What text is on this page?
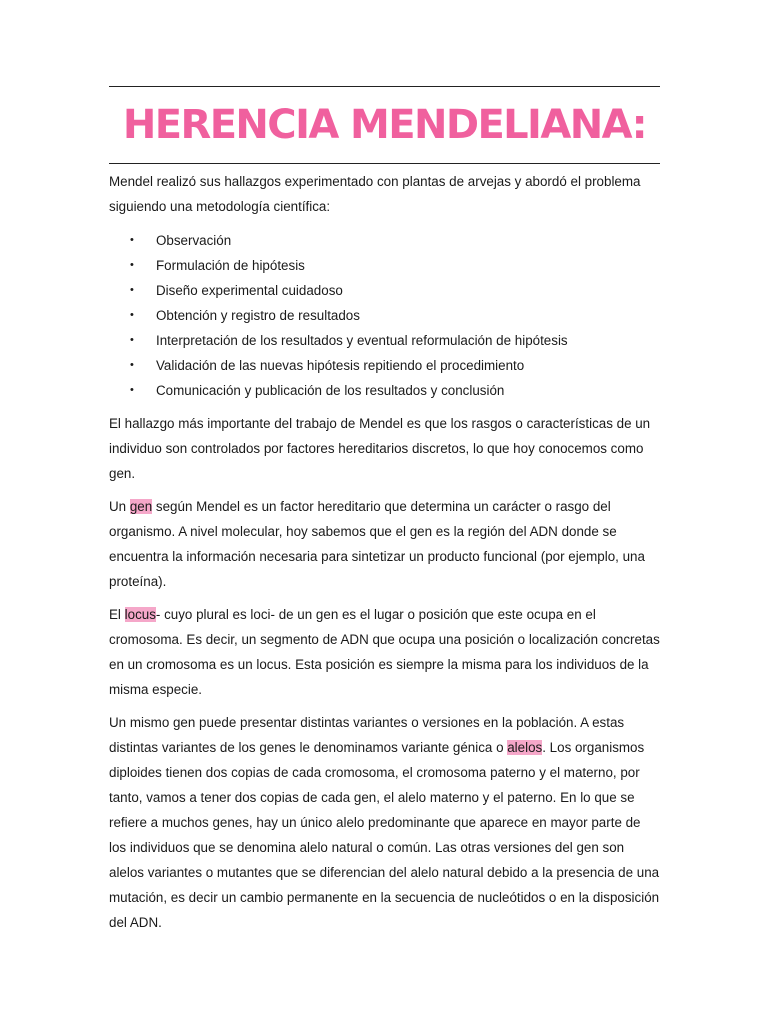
HERENCIA MENDELIANA:

Mendel realizó sus hallazgos experimentado con plantas de arvejas y abordó el problema siguiendo una metodología científica:

• Observación
• Formulación de hipótesis
• Diseño experimental cuidadoso
• Obtención y registro de resultados
• Interpretación de los resultados y eventual reformulación de hipótesis
• Validación de las nuevas hipótesis repitiendo el procedimiento
• Comunicación y publicación de los resultados y conclusión

El hallazgo más importante del trabajo de Mendel es que los rasgos o características de un individuo son controlados por factores hereditarios discretos, lo que hoy conocemos como gen.

Un gen según Mendel es un factor hereditario que determina un carácter o rasgo del organismo. A nivel molecular, hoy sabemos que el gen es la región del ADN donde se encuentra la información necesaria para sintetizar un producto funcional (por ejemplo, una proteína).

El locus- cuyo plural es loci- de un gen es el lugar o posición que este ocupa en el cromosoma. Es decir, un segmento de ADN que ocupa una posición o localización concretas en un cromosoma es un locus. Esta posición es siempre la misma para los individuos de la misma especie.

Un mismo gen puede presentar distintas variantes o versiones en la población. A estas distintas variantes de los genes le denominamos variante génica o alelos. Los organismos diploides tienen dos copias de cada cromosoma, el cromosoma paterno y el materno, por tanto, vamos a tener dos copias de cada gen, el alelo materno y el paterno. En lo que se refiere a muchos genes, hay un único alelo predominante que aparece en mayor parte de los individuos que se denomina alelo natural o común. Las otras versiones del gen son alelos variantes o mutantes que se diferencian del alelo natural debido a la presencia de una mutación, es decir un cambio permanente en la secuencia de nucleótidos o en la disposición del ADN.
